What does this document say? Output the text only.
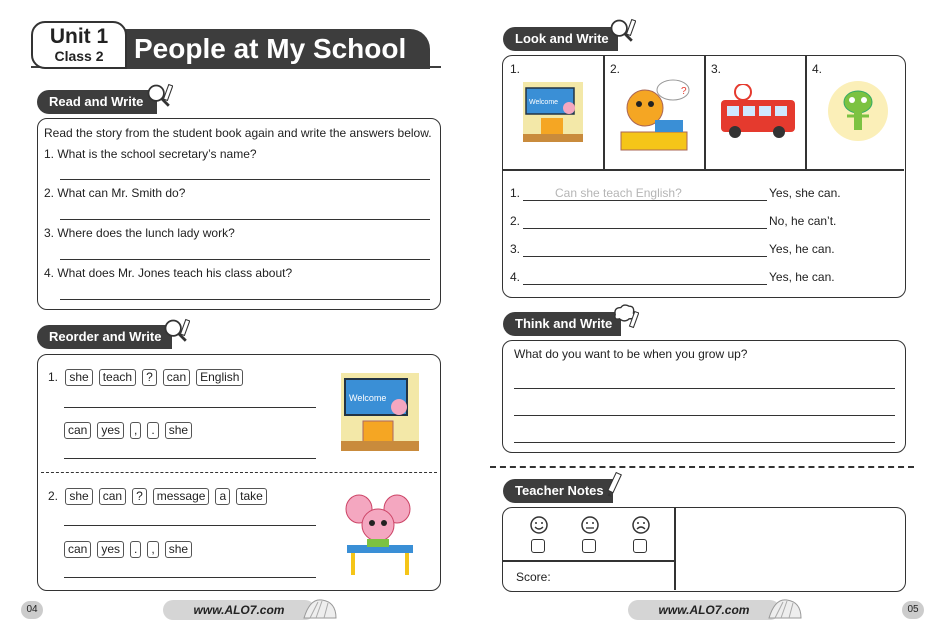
Unit 1
Class 2	People at My School
Read and Write
Read the story from the student book again and write the answers below.
1. What is the school secretary’s name?
2. What can Mr. Smith do?
3. Where does the lunch lady work?
4. What does Mr. Jones teach his class about?
Reorder and Write
1. she teach ? can English
can yes , . she
Welcome
2. she can ? message a take
can yes . , she
04	www.ALO7.com
Look and Write
1.	2.	3.	4.
Welcome
?
1.	Can she teach English?	Yes, she can.
2.	No, he can’t.
3.	Yes, he can.
4.	Yes, he can.
Think and Write
What do you want to be when you grow up?
Teacher Notes
Score:
www.ALO7.com	05
